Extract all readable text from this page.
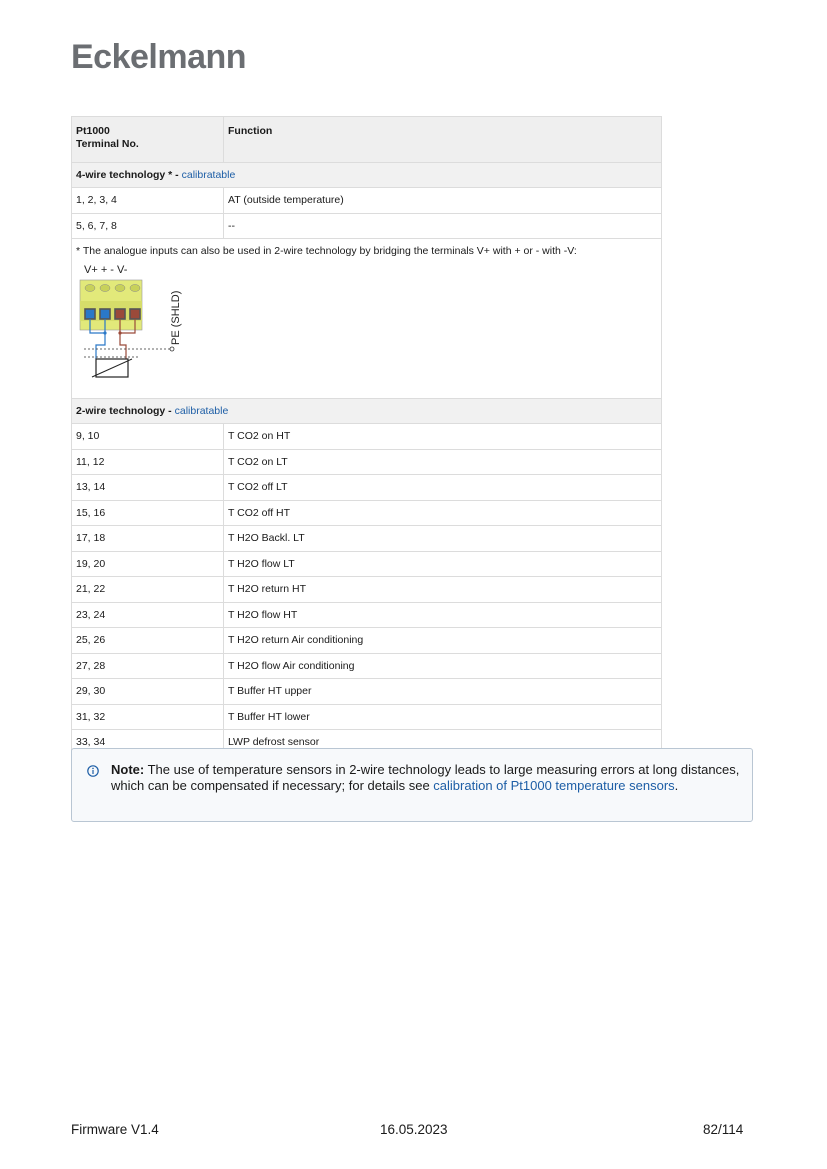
Eckelmann
Pt1000
Terminal No.	Function
4-wire technology * - calibratable	
1, 2, 3, 4	AT (outside temperature)
5, 6, 7, 8	--

* The analogue inputs can also be used in 2-wire technology by bridging the terminals V+ with + or - with -V:
V+ + - V-
PE (SHLD)	

2-wire technology - calibratable	
9, 10	T CO2 on HT
11, 12	T CO2 on LT
13, 14	T CO2 off LT
15, 16	T CO2 off HT
17, 18	T H2O Backl. LT
19, 20	T H2O flow LT
21, 22	T H2O return HT
23, 24	T H2O flow HT
25, 26	T H2O return Air conditioning
27, 28	T H2O flow Air conditioning
29, 30	T Buffer HT upper
31, 32	T Buffer HT lower
33, 34	LWP defrost sensor
Note: The use of temperature sensors in 2-wire technology leads to large measuring errors at long distances, which can be compensated if necessary; for details see calibration of Pt1000 temperature sensors.
Firmware V1.4	16.05.2023	82/114
